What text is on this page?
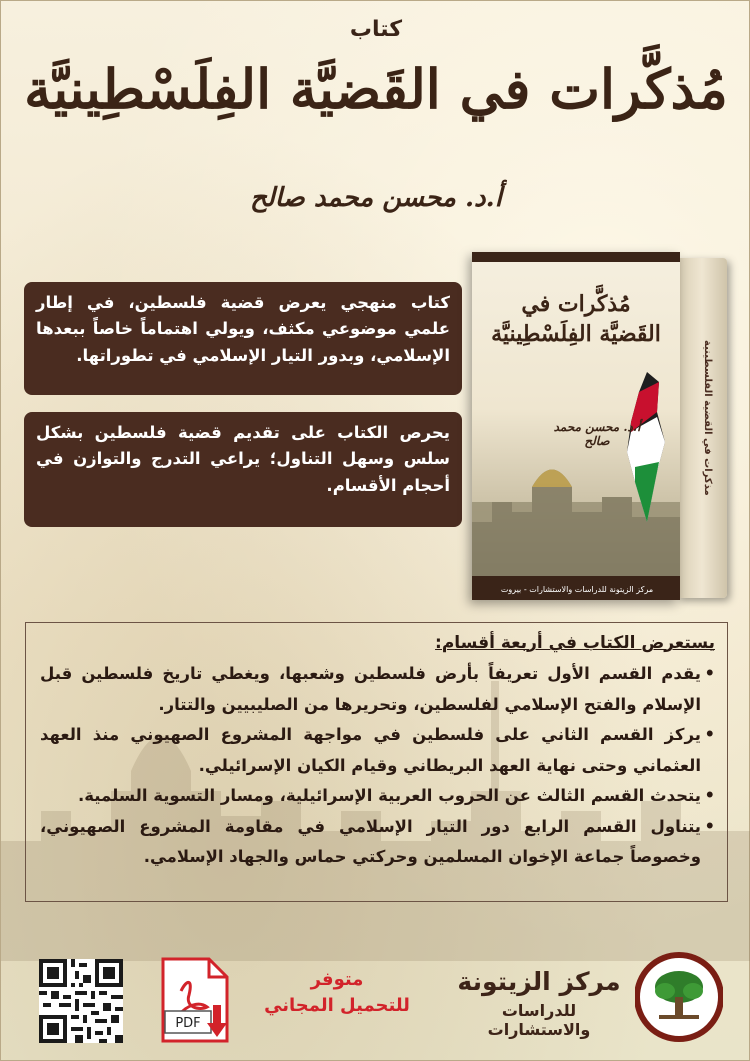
كتاب
مُذكَّرات في القَضيَّة الفِلَسْطِينيَّة
أ.د. محسن محمد صالح
كتاب منهجي يعرض قضية فلسطين، في إطار علمي موضوعي مكثف، ويولي اهتماماً خاصاً ببعدها الإسلامي، وبدور التيار الإسلامي في تطوراتها.
يحرص الكتاب على تقديم قضية فلسطين بشكل سلس وسهل التناول؛ يراعي التدرج والتوازن في أحجام الأقسام.	مذكرات في القضية الفلسطينية
مُذكَّرات في
القَضيَّة الفِلَسْطِينيَّة
أ.د. محسن محمد صالح
مركز الزيتونة للدراسات والاستشارات - بيروت
يستعرض الكتاب في أربعة أقسام:
• يقدم القسم الأول تعريفاً بأرض فلسطين وشعبها، ويغطي تاريخ فلسطين قبل الإسلام والفتح الإسلامي لفلسطين، وتحريرها من الصليبيين والتتار.
• يركز القسم الثاني على فلسطين في مواجهة المشروع الصهيوني منذ العهد العثماني وحتى نهاية العهد البريطاني وقيام الكيان الإسرائيلي.
• يتحدث القسم الثالث عن الحروب العربية الإسرائيلية، ومسار التسوية السلمية.
• يتناول القسم الرابع دور التيار الإسلامي في مقاومة المشروع الصهيوني، وخصوصاً جماعة الإخوان المسلمين وحركتي حماس والجهاد الإسلامي.
PDF
متوفر
للتحميل المجاني
مركز الزيتونة
للدراسات والاستشارات
